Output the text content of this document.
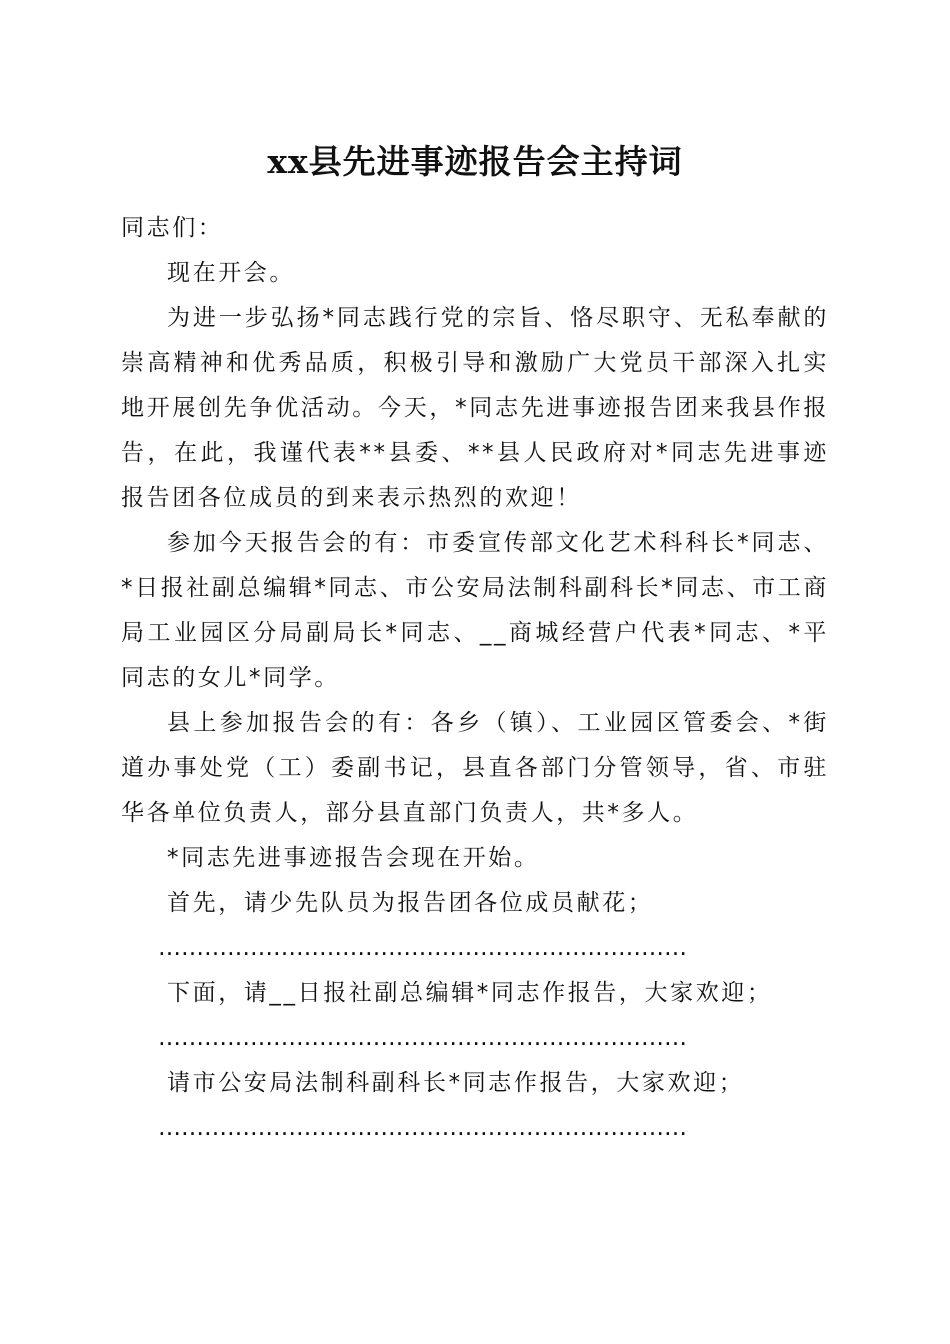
xx县先进事迹报告会主持词

同志们：

现在开会。

为进一步弘扬*同志践行党的宗旨、恪尽职守、无私奉献的崇高精神和优秀品质，积极引导和激励广大党员干部深入扎实地开展创先争优活动。今天，*同志先进事迹报告团来我县作报告，在此，我谨代表**县委、**县人民政府对*同志先进事迹报告团各位成员的到来表示热烈的欢迎！

参加今天报告会的有：市委宣传部文化艺术科科长*同志、*日报社副总编辑*同志、市公安局法制科副科长*同志、市工商局工业园区分局副局长*同志、__商城经营户代表*同志、*平同志的女儿*同学。

县上参加报告会的有：各乡（镇）、工业园区管委会、*街道办事处党（工）委副书记，县直各部门分管领导，省、市驻华各单位负责人，部分县直部门负责人，共*多人。

*同志先进事迹报告会现在开始。

首先，请少先队员为报告团各位成员献花；

……………………………………………………………

下面，请__日报社副总编辑*同志作报告，大家欢迎；

……………………………………………………………

请市公安局法制科副科长*同志作报告，大家欢迎；

……………………………………………………………
